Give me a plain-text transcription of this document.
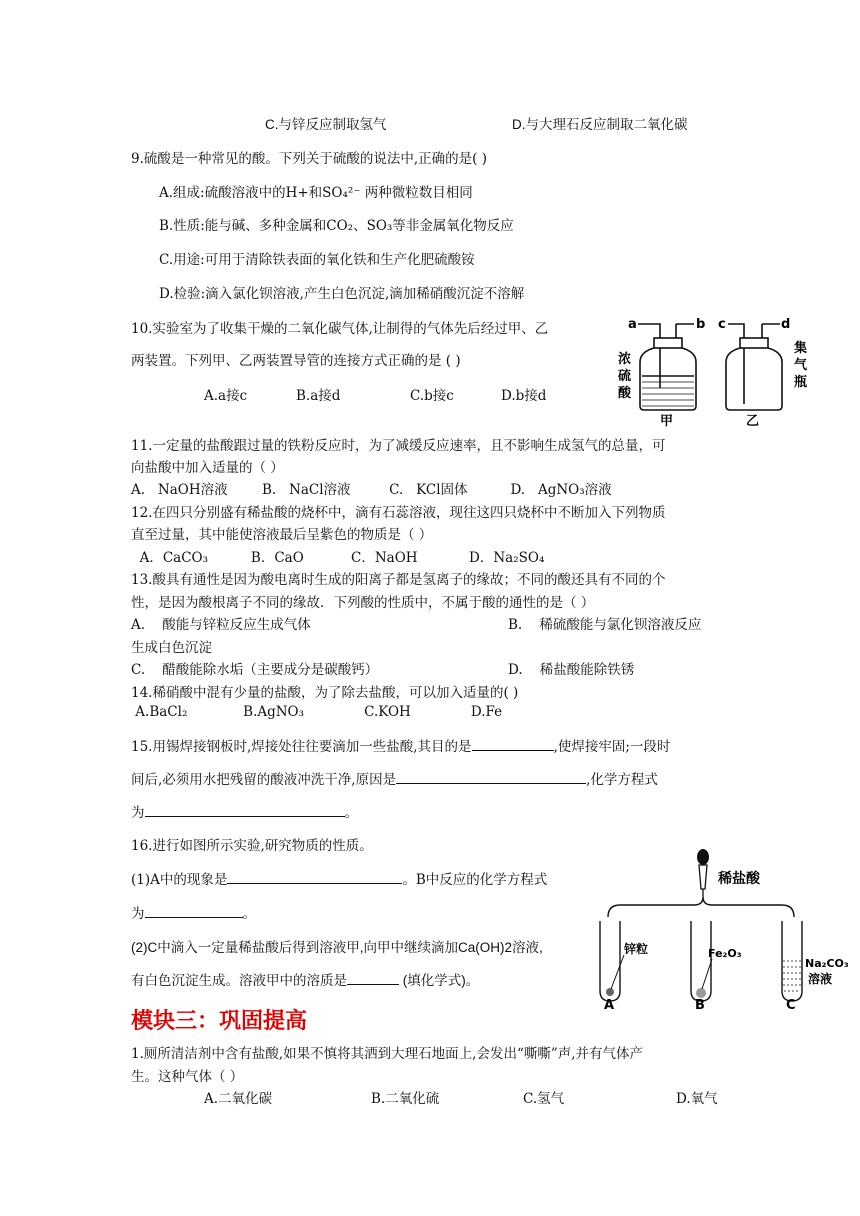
C.与锌反应制取氢气	D.与大理石反应制取二氧化碳
9.硫酸是一种常见的酸。下列关于硫酸的说法中,正确的是( )
A.组成:硫酸溶液中的H+和SO₄²⁻ 两种微粒数目相同
B.性质:能与碱、多种金属和CO₂、SO₃等非金属氧化物反应
C.用途:可用于清除铁表面的氧化铁和生产化肥硫酸铵
D.检验:滴入氯化钡溶液,产生白色沉淀,滴加稀硝酸沉淀不溶解
10.实验室为了收集干燥的二氧化碳气体,让制得的气体先后经过甲、乙
两装置。下列甲、乙两装置导管的连接方式正确的是 ( )
A.a接c	B.a接d	C.b接c	D.b接d
a	b c	d
浓
硫
酸
集
气
瓶
甲	乙
11.一定量的盐酸跟过量的铁粉反应时，为了减缓反应速率，且不影响生成氢气的总量，可
向盐酸中加入适量的（ ）
A.   NaOH溶液        B.   NaCl溶液         C.   KCl固体          D.   AgNO₃溶液
12.在四只分别盛有稀盐酸的烧杯中，滴有石蕊溶液，现往这四只烧杯中不断加入下列物质
直至过量，其中能使溶液最后呈紫色的物质是（ ）
A．CaCO₃          B．CaO           C．NaOH            D．Na₂SO₄
13.酸具有通性是因为酸电离时生成的阳离子都是氢离子的缘故；不同的酸还具有不同的个
性，是因为酸根离子不同的缘故．下列酸的性质中，不属于酸的通性的是（ ）
A.    酸能与锌粒反应生成气体	B.    稀硫酸能与氯化钡溶液反应
生成白色沉淀
C.    醋酸能除水垢（主要成分是碳酸钙）	D.    稀盐酸能除铁锈
14.稀硝酸中混有少量的盐酸，为了除去盐酸，可以加入适量的( )
A.BaCl₂             B.AgNO₃              C.KOH              D.Fe
15.用锡焊接钢板时,焊接处往往要滴加一些盐酸,其目的是	,使焊接牢固;一段时
间后,必须用水把残留的酸液冲洗干净,原因是	,化学方程式
为	。
16.进行如图所示实验,研究物质的性质。
(1)A中的现象是	。B中反应的化学方程式
为	。
(2)C中滴入一定量稀盐酸后得到溶液甲,向甲中继续滴加Ca(OH)2溶液,
有白色沉淀生成。溶液甲中的溶质是	(填化学式)。
稀盐酸
锌粒
A
Fe₂O₃
B
Na₂CO₃
溶液
C
模块三：巩固提高
1.厕所清洁剂中含有盐酸,如果不慎将其洒到大理石地面上,会发出“嘶嘶”声,并有气体产
生。这种气体（ ）
A.二氧化碳	B.二氧化硫	C.氢气	D.氧气
